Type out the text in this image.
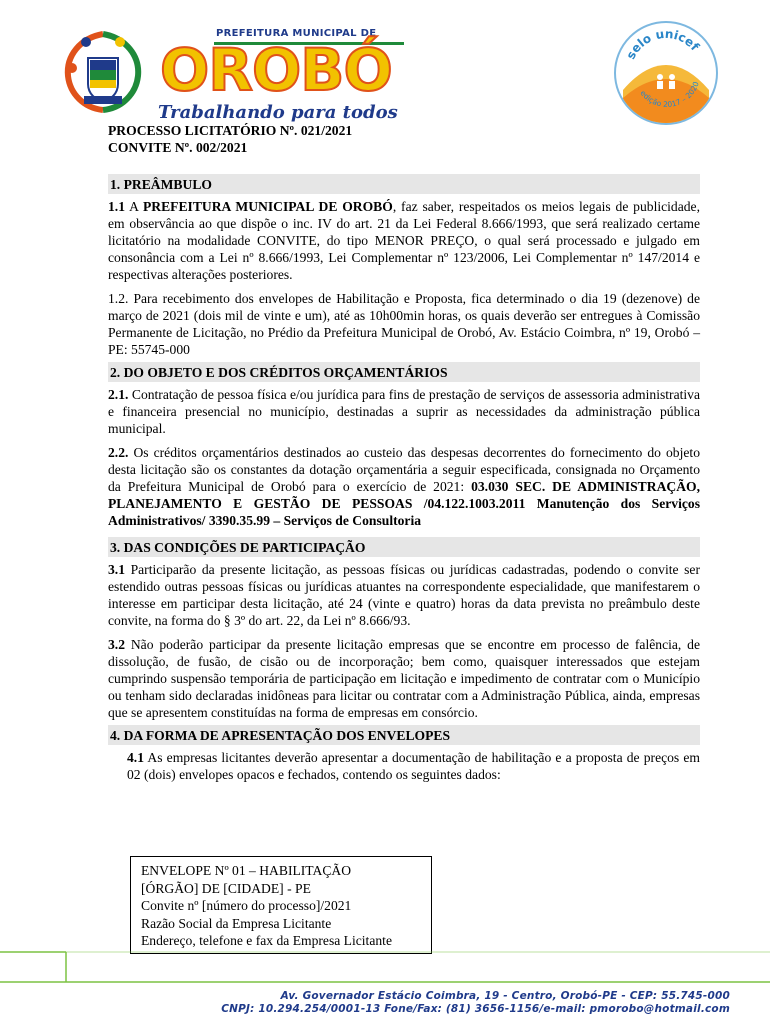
PREFEITURA MUNICIPAL DE
OROBÓ
Trabalhando para todos
selo unicef
edição 2017 – 2020
PROCESSO LICITATÓRIO Nº. 021/2021
CONVITE Nº. 002/2021
1. PREÂMBULO

1.1 A PREFEITURA MUNICIPAL DE OROBÓ, faz saber, respeitados os meios legais de publicidade, em observância ao que dispõe o inc. IV do art. 21 da Lei Federal 8.666/1993, que será realizado certame licitatório na modalidade CONVITE, do tipo MENOR PREÇO, o qual será processado e julgado em consonância com a Lei nº 8.666/1993, Lei Complementar nº 123/2006, Lei Complementar nº 147/2014 e respectivas alterações posteriores.

1.2. Para recebimento dos envelopes de Habilitação e Proposta, fica determinado o dia 19 (dezenove) de março de 2021 (dois mil de vinte e um), até as 10h00min horas, os quais deverão ser entregues à Comissão Permanente de Licitação, no Prédio da Prefeitura Municipal de Orobó, Av. Estácio Coimbra, nº 19, Orobó – PE: 55745-000

2. DO OBJETO E DOS CRÉDITOS ORÇAMENTÁRIOS

2.1. Contratação de pessoa física e/ou jurídica para fins de prestação de serviços de assessoria administrativa e financeira presencial no município, destinadas a suprir as necessidades da administração pública municipal.

2.2. Os créditos orçamentários destinados ao custeio das despesas decorrentes do fornecimento do objeto desta licitação são os constantes da dotação orçamentária a seguir especificada, consignada no Orçamento da Prefeitura Municipal de Orobó para o exercício de 2021: 03.030 SEC. DE ADMINISTRAÇÃO, PLANEJAMENTO E GESTÃO DE PESSOAS /04.122.1003.2011 Manutenção dos Serviços Administrativos/ 3390.35.99 – Serviços de Consultoria

3. DAS CONDIÇÕES DE PARTICIPAÇÃO

3.1 Participarão da presente licitação, as pessoas físicas ou jurídicas cadastradas, podendo o convite ser estendido outras pessoas físicas ou jurídicas atuantes na correspondente especialidade, que manifestarem o interesse em participar desta licitação, até 24 (vinte e quatro) horas da data prevista no preâmbulo deste convite, na forma do § 3º do art. 22, da Lei nº 8.666/93.

3.2 Não poderão participar da presente licitação empresas que se encontre em processo de falência, de dissolução, de fusão, de cisão ou de incorporação; bem como, quaisquer interessados que estejam cumprindo suspensão temporária de participação em licitação e impedimento de contratar com o Município ou tenham sido declaradas inidôneas para licitar ou contratar com a Administração Pública, ainda, empresas que se apresentem constituídas na forma de empresas em consórcio.

4. DA FORMA DE APRESENTAÇÃO DOS ENVELOPES

4.1 As empresas licitantes deverão apresentar a documentação de habilitação e a proposta de preços em 02 (dois) envelopes opacos e fechados, contendo os seguintes dados:

ENVELOPE Nº 01 – HABILITAÇÃO
[ÓRGÃO] DE [CIDADE] - PE
Convite nº [número do processo]/2021
Razão Social da Empresa Licitante
Endereço, telefone e fax da Empresa Licitante
Av. Governador Estácio Coimbra, 19 - Centro, Orobó-PE - CEP: 55.745-000
CNPJ: 10.294.254/0001-13 Fone/Fax: (81) 3656-1156/e-mail: pmorobo@hotmail.com
